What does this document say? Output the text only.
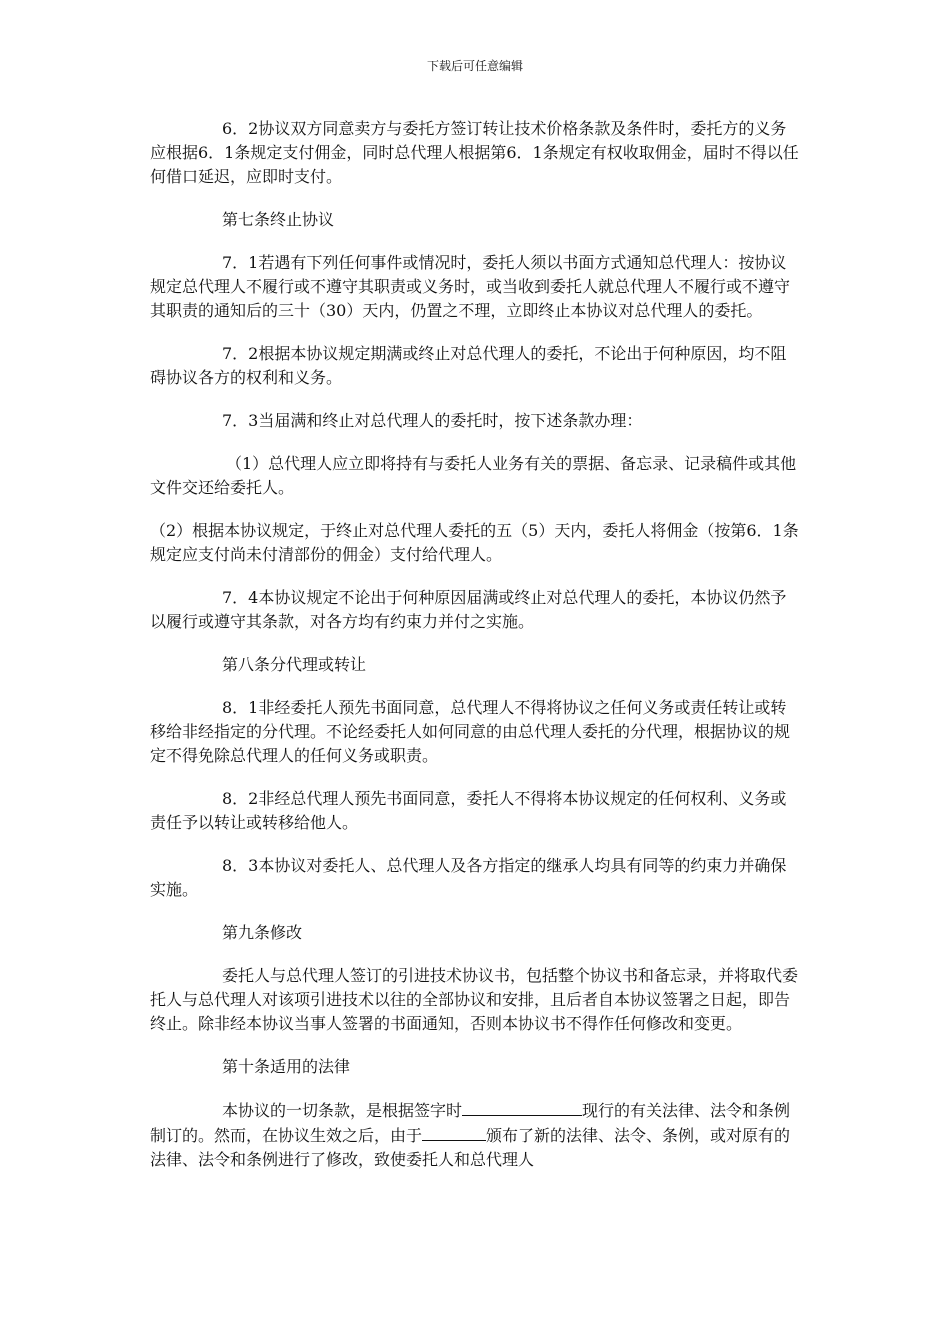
下载后可任意编辑

6．2协议双方同意卖方与委托方签订转让技术价格条款及条件时，委托方的义务应根据6．1条规定支付佣金，同时总代理人根据第6．1条规定有权收取佣金，届时不得以任何借口延迟，应即时支付。

第七条终止协议

7．1若遇有下列任何事件或情况时，委托人须以书面方式通知总代理人：按协议规定总代理人不履行或不遵守其职责或义务时，或当收到委托人就总代理人不履行或不遵守其职责的通知后的三十（30）天内，仍置之不理，立即终止本协议对总代理人的委托。

7．2根据本协议规定期满或终止对总代理人的委托，不论出于何种原因，均不阻碍协议各方的权利和义务。

7．3当届满和终止对总代理人的委托时，按下述条款办理：

（1）总代理人应立即将持有与委托人业务有关的票据、备忘录、记录稿件或其他文件交还给委托人。

（2）根据本协议规定，于终止对总代理人委托的五（5）天内，委托人将佣金（按第6．1条规定应支付尚未付清部份的佣金）支付给代理人。

7．4本协议规定不论出于何种原因届满或终止对总代理人的委托，本协议仍然予以履行或遵守其条款，对各方均有约束力并付之实施。

第八条分代理或转让

8．1非经委托人预先书面同意，总代理人不得将协议之任何义务或责任转让或转移给非经指定的分代理。不论经委托人如何同意的由总代理人委托的分代理，根据协议的规定不得免除总代理人的任何义务或职责。

8．2非经总代理人预先书面同意，委托人不得将本协议规定的任何权利、义务或责任予以转让或转移给他人。

8．3本协议对委托人、总代理人及各方指定的继承人均具有同等的约束力并确保实施。

第九条修改

委托人与总代理人签订的引进技术协议书，包括整个协议书和备忘录，并将取代委托人与总代理人对该项引进技术以往的全部协议和安排，且后者自本协议签署之日起，即告终止。除非经本协议当事人签署的书面通知，否则本协议书不得作任何修改和变更。

第十条适用的法律

本协议的一切条款，是根据签字时	现行的有关法律、法令和条例制订的。然而，在协议生效之后，由于	颁布了新的法律、法令、条例，或对原有的法律、法令和条例进行了修改，致使委托人和总代理人
